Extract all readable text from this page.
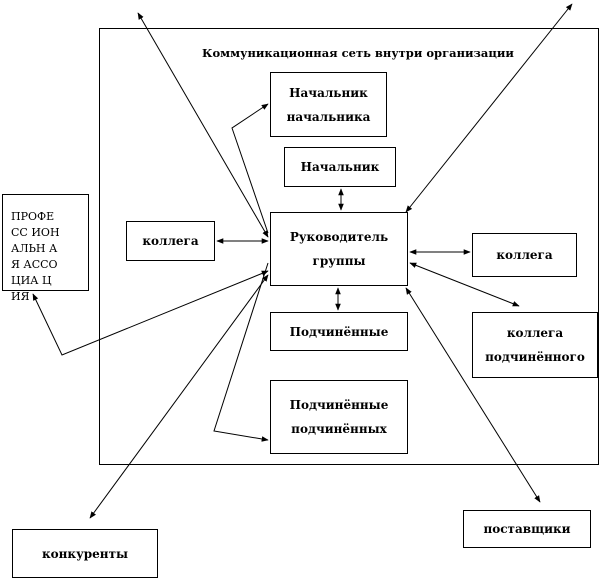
Коммуникационная сеть внутри организации
Начальник начальника
Начальник
Руководитель группы
коллега
коллега
Подчинённые
Подчинённые подчинённых
коллега подчинённого
ПРОФЕСС ИОНАЛЬН АЯ АССОЦИА ЦИЯ
конкуренты
поставщики
